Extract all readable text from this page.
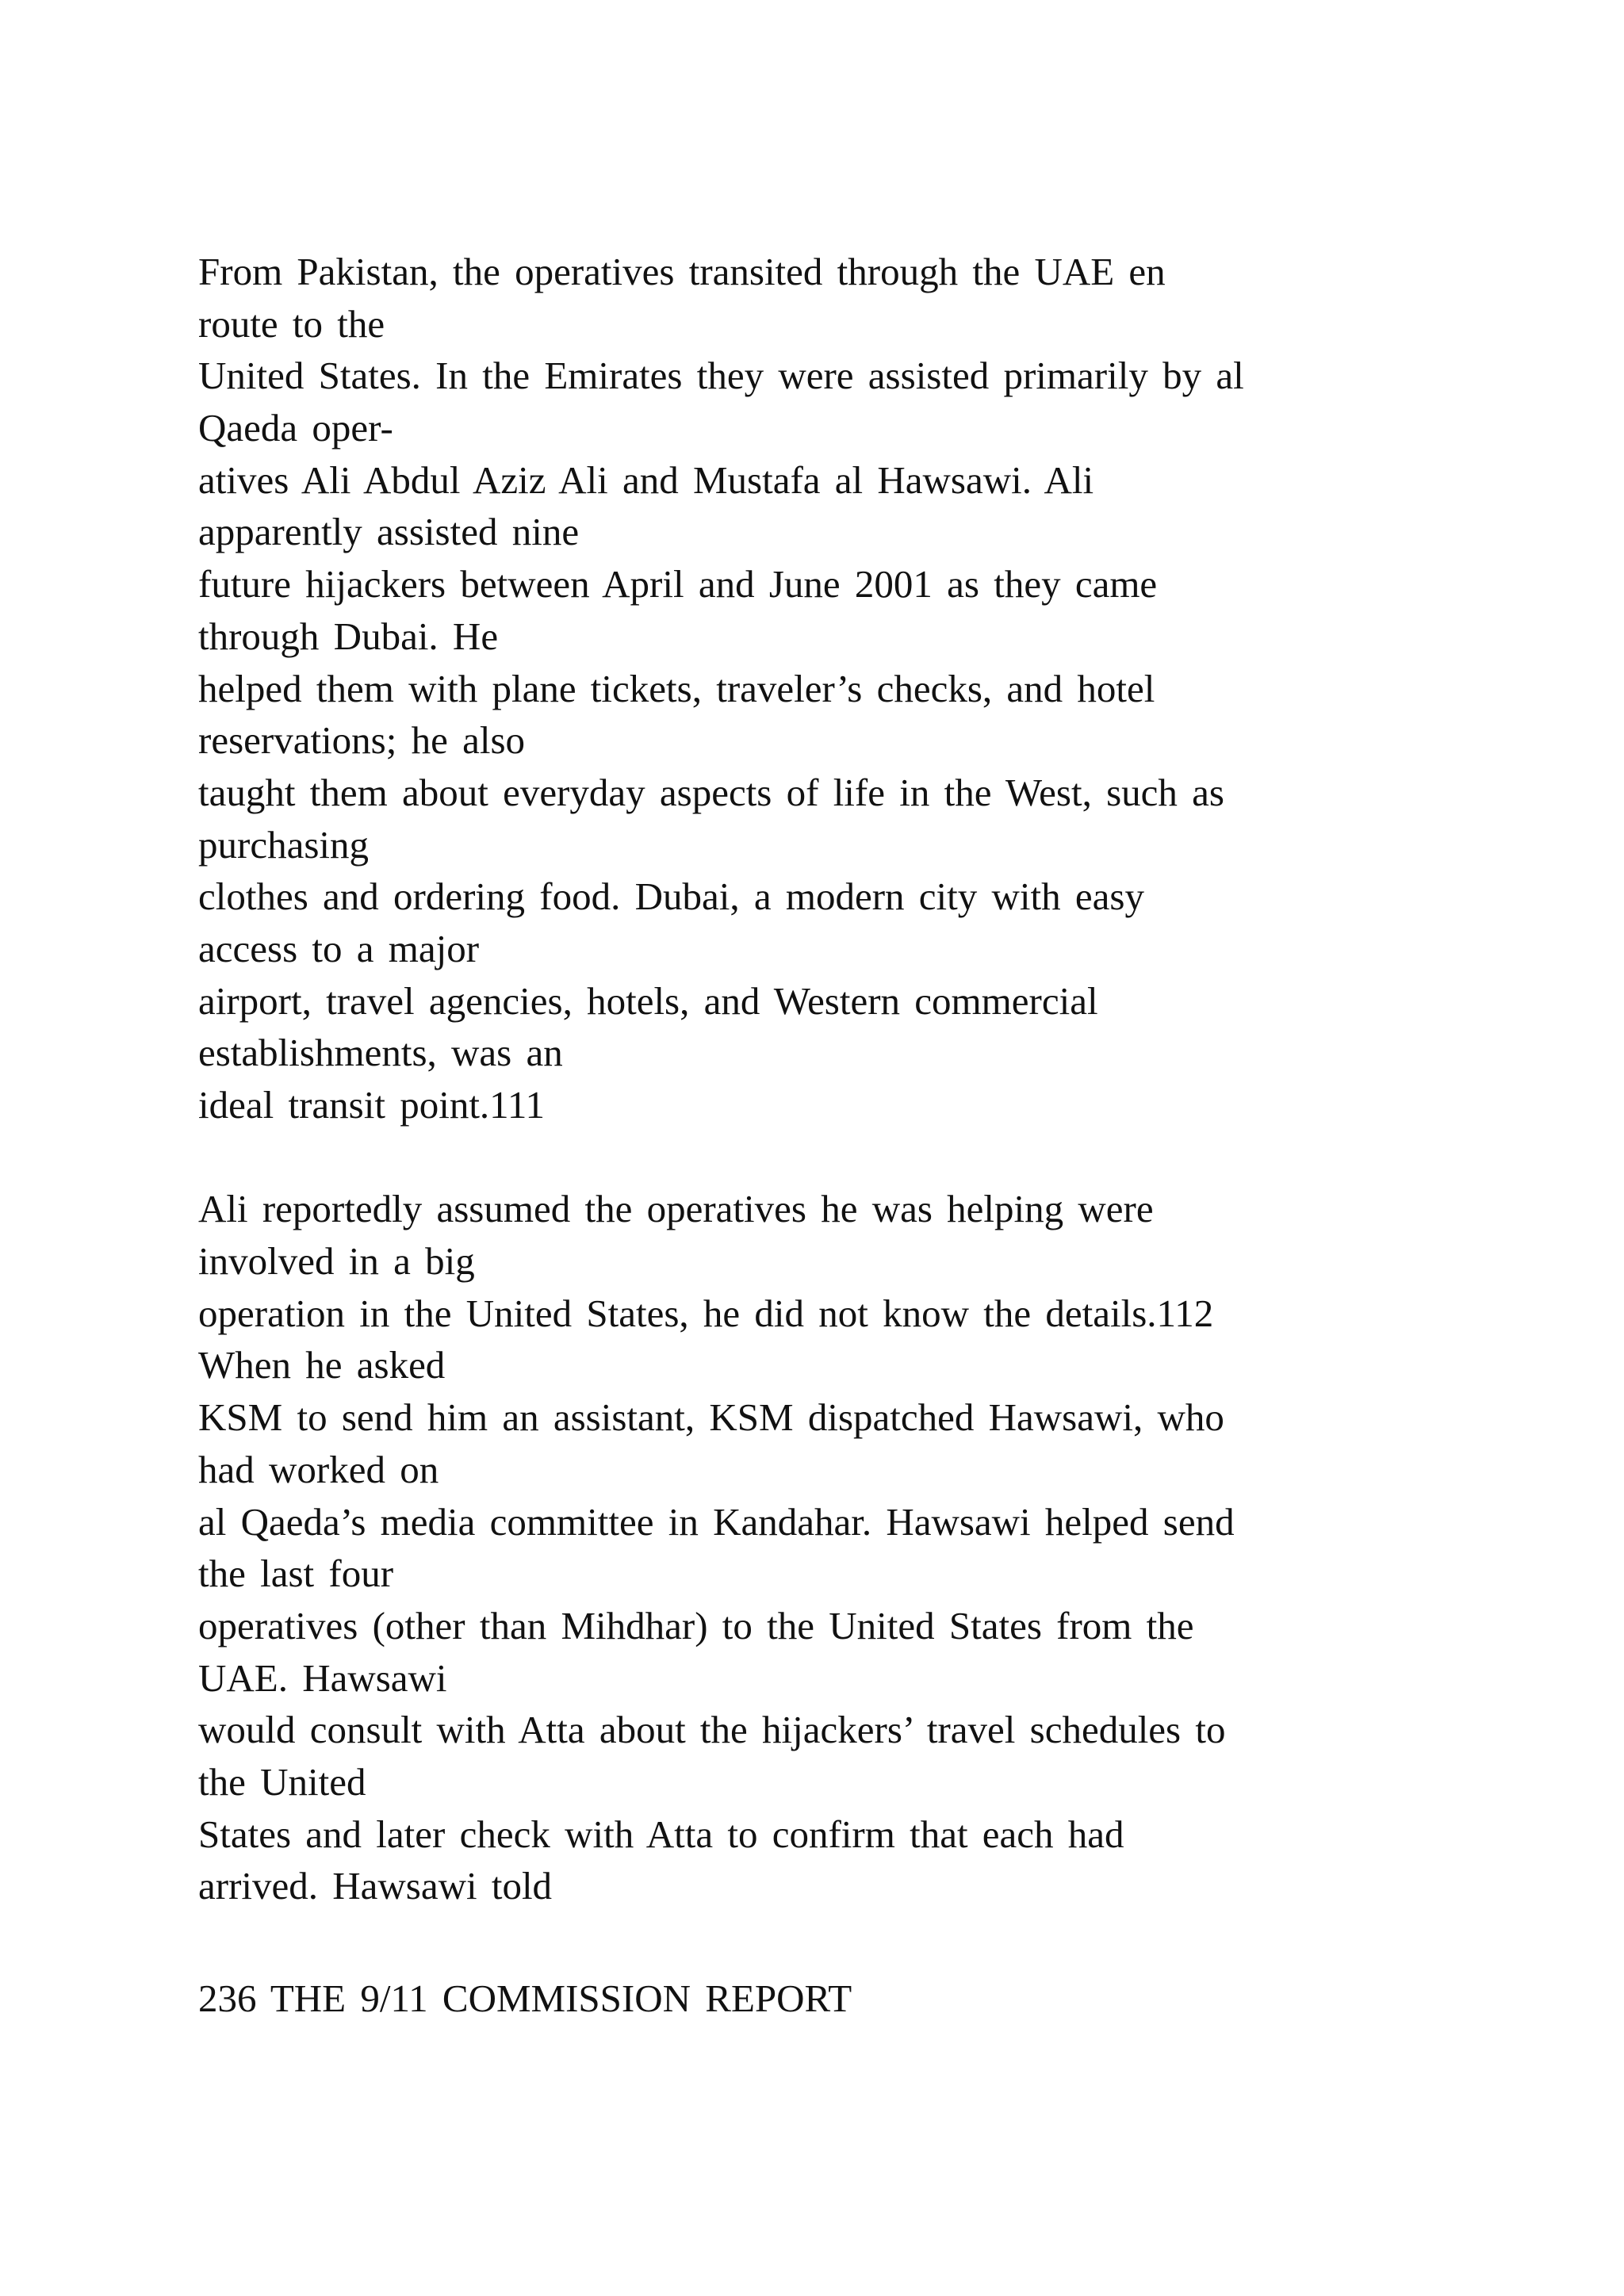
From Pakistan, the operatives transited through the UAE en
route to the
United States. In the Emirates they were assisted primarily by al
Qaeda oper-
atives Ali Abdul Aziz Ali and Mustafa al Hawsawi. Ali
apparently assisted nine
future hijackers between April and June 2001 as they came
through Dubai. He
helped them with plane tickets, traveler’s checks, and hotel
reservations; he also
taught them about everyday aspects of life in the West, such as
purchasing
clothes and ordering food. Dubai, a modern city with easy
access to a major
airport, travel agencies, hotels, and Western commercial
establishments, was an
ideal transit point.111
Ali reportedly assumed the operatives he was helping were
involved in a big
operation in the United States, he did not know the details.112
When he asked
KSM to send him an assistant, KSM dispatched Hawsawi, who
had worked on
al Qaeda’s media committee in Kandahar. Hawsawi helped send
the last four
operatives (other than Mihdhar) to the United States from the
UAE. Hawsawi
would consult with Atta about the hijackers’ travel schedules to
the United
States and later check with Atta to confirm that each had
arrived. Hawsawi told
236 THE 9/11 COMMISSION REPORT
